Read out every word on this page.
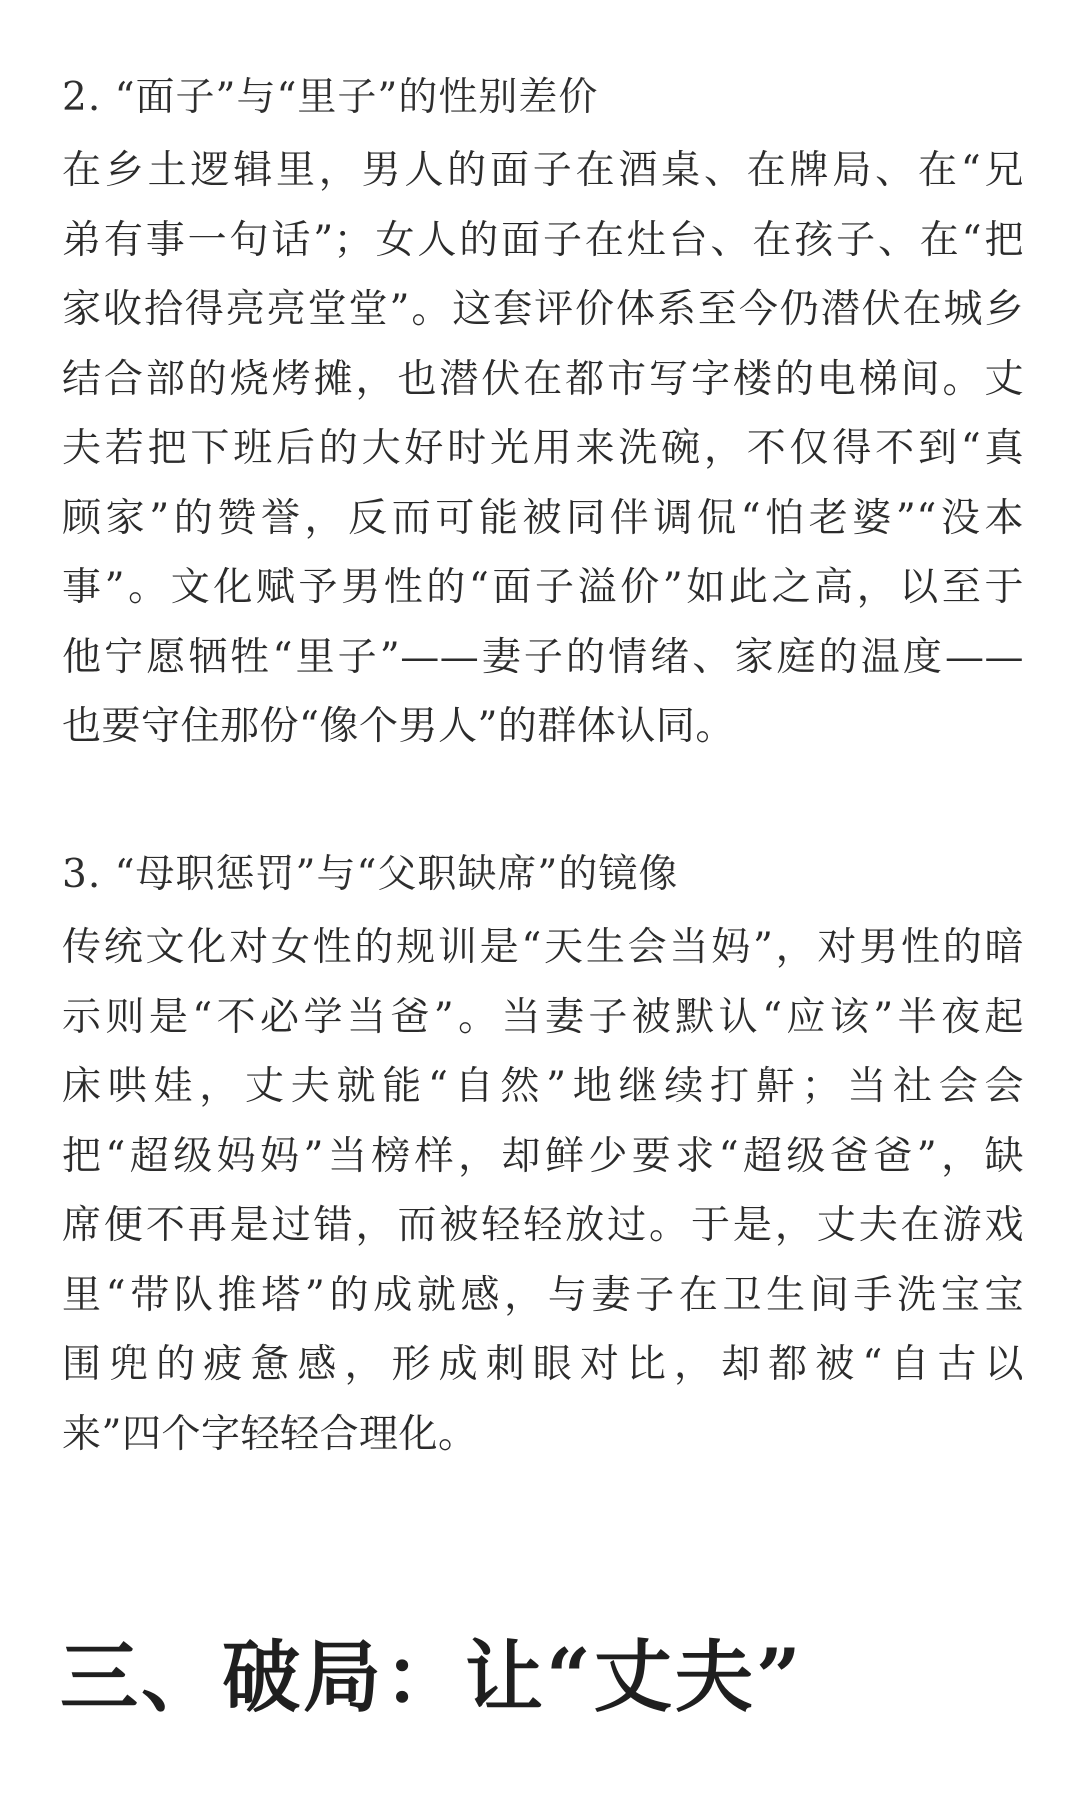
2. “面子”与“里子”的性别差价
在乡土逻辑里，男人的面子在酒桌、在牌局、在“兄
弟有事一句话”；女人的面子在灶台、在孩子、在“把
家收拾得亮亮堂堂”。这套评价体系至今仍潜伏在城乡
结合部的烧烤摊，也潜伏在都市写字楼的电梯间。丈
夫若把下班后的大好时光用来洗碗，不仅得不到“真
顾家”的赞誉，反而可能被同伴调侃“怕老婆”“没本
事”。文化赋予男性的“面子溢价”如此之高，以至于
他宁愿牺牲“里子”——妻子的情绪、家庭的温度——
也要守住那份“像个男人”的群体认同。
3. “母职惩罚”与“父职缺席”的镜像
传统文化对女性的规训是“天生会当妈”，对男性的暗
示则是“不必学当爸”。当妻子被默认“应该”半夜起
床哄娃，丈夫就能“自然”地继续打鼾；当社会会
把“超级妈妈”当榜样，却鲜少要求“超级爸爸”，缺
席便不再是过错，而被轻轻放过。于是，丈夫在游戏
里“带队推塔”的成就感，与妻子在卫生间手洗宝宝
围兜的疲惫感，形成刺眼对比，却都被“自古以
来”四个字轻轻合理化。
三、破局：让“丈夫”
